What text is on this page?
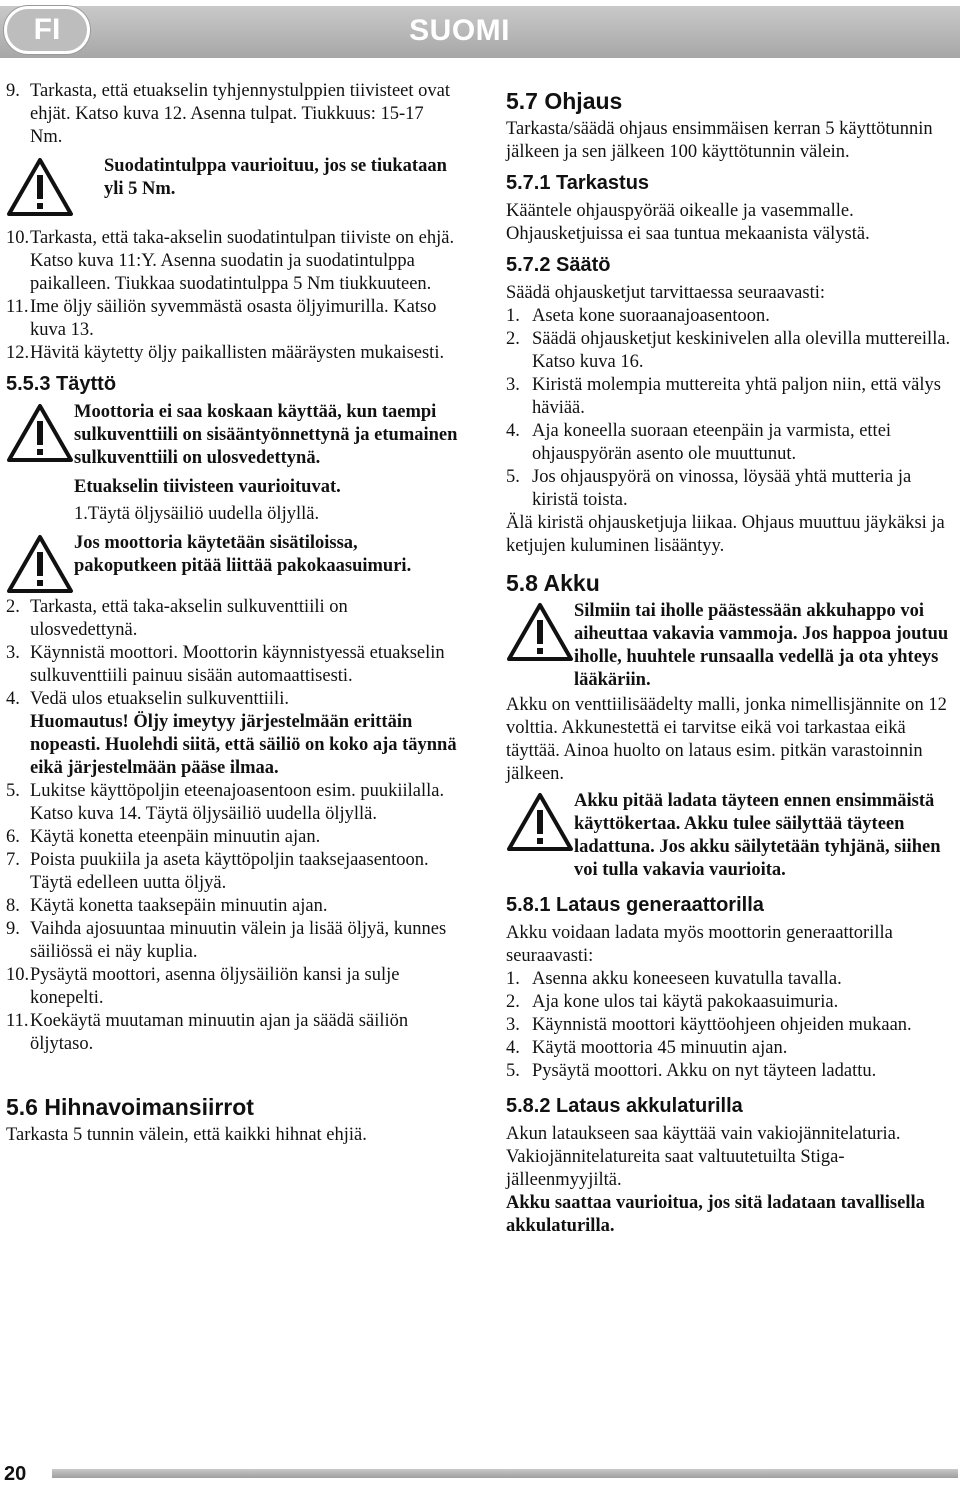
FI	SUOMI
9. Tarkasta, että etuakselin tyhjennystulppien tiivisteet ovat ehjät. Katso kuva 12. Asenna tulpat. Tiukkuus: 15-17 Nm.

Suodatintulppa vaurioituu, jos se tiukataan yli 5 Nm.

10. Tarkasta, että taka-akselin suodatintulpan tiiviste on ehjä. Katso kuva 11:Y. Asenna suodatin ja suodatintulppa paikalleen. Tiukkaa suodatintulppa 5 Nm tiukkuuteen.
11. Ime öljy säiliön syvemmästä osasta öljyimurilla. Katso kuva 13.
12. Hävitä käytetty öljy paikallisten määräysten mukaisesti.
5.5.3 Täyttö

Moottoria ei saa koskaan käyttää, kun taempi sulkuventtiili on sisääntyönnettynä ja etumainen sulkuventtiili on ulosvedettynä.

Etuakselin tiivisteen vaurioituvat.

1.Täytä öljysäiliö uudella öljyllä.

Jos moottoria käytetään sisätiloissa, pakoputkeen pitää liittää pakokaasuimuri.

2. Tarkasta, että taka-akselin sulkuventtiili on ulosvedettynä.
3. Käynnistä moottori. Moottorin käynnistyessä etuakselin sulkuventtiili painuu sisään automaattisesti.
4. Vedä ulos etuakselin sulkuventtiili.

Huomautus! Öljy imeytyy järjestelmään erittäin nopeasti. Huolehdi siitä, että säiliö on koko aja täynnä eikä järjestelmään pääse ilmaa.

5. Lukitse käyttöpoljin eteenajoasentoon esim. puukiilalla. Katso kuva 14. Täytä öljysäiliö uudella öljyllä.
6. Käytä konetta eteenpäin minuutin ajan.
7. Poista puukiila ja aseta käyttöpoljin taaksejaasentoon. Täytä edelleen uutta öljyä.
8. Käytä konetta taaksepäin minuutin ajan.
9. Vaihda ajosuuntaa minuutin välein ja lisää öljyä, kunnes säiliössä ei näy kuplia.
10. Pysäytä moottori, asenna öljysäiliön kansi ja sulje konepelti.
11. Koekäytä muutaman minuutin ajan ja säädä säiliön öljytaso.
5.6 Hihnavoimansiirrot

Tarkasta 5 tunnin välein, että kaikki hihnat ehjiä.

5.7 Ohjaus

Tarkasta/säädä ohjaus ensimmäisen kerran 5 käyttötunnin jälkeen ja sen jälkeen 100 käyttötunnin välein.

5.7.1 Tarkastus

Kääntele ohjauspyörää oikealle ja vasemmalle. Ohjausketjuissa ei saa tuntua mekaanista välystä.

5.7.2 Säätö

Säädä ohjausketjut tarvittaessa seuraavasti:

1. Aseta kone suoraanajoasentoon.
2. Säädä ohjausketjut keskinivelen alla olevilla muttereilla. Katso kuva 16.
3. Kiristä molempia muttereita yhtä paljon niin, että välys häviää.
4. Aja koneella suoraan eteenpäin ja varmista, ettei ohjauspyörän asento ole muuttunut.
5. Jos ohjauspyörä on vinossa, löysää yhtä mutteria ja kiristä toista.

Älä kiristä ohjausketjuja liikaa. Ohjaus muuttuu jäykäksi ja ketjujen kuluminen lisääntyy.

5.8 Akku

Silmiin tai iholle päästessään akkuhappo voi aiheuttaa vakavia vammoja. Jos happoa joutuu iholle, huuhtele runsaalla vedellä ja ota yhteys lääkäriin.

Akku on venttiilisäädelty malli, jonka nimellisjännite on 12 volttia. Akkunestettä ei tarvitse eikä voi tarkastaa eikä täyttää. Ainoa huolto on lataus esim. pitkän varastoinnin jälkeen.

Akku pitää ladata täyteen ennen ensimmäistä käyttökertaa. Akku tulee säilyttää täyteen ladattuna. Jos akku säilytetään tyhjänä, siihen voi tulla vakavia vaurioita.

5.8.1 Lataus generaattorilla

Akku voidaan ladata myös moottorin generaattorilla seuraavasti:

1. Asenna akku koneeseen kuvatulla tavalla.
2. Aja kone ulos tai käytä pakokaasuimuria.
3. Käynnistä moottori käyttöohjeen ohjeiden mukaan.
4. Käytä moottoria 45 minuutin ajan.
5. Pysäytä moottori. Akku on nyt täyteen ladattu.
5.8.2 Lataus akkulaturilla

Akun lataukseen saa käyttää vain vakiojännitelaturia.

Vakiojännitelatureita saat valtuutetuilta Stiga-jälleenmyyjiltä.

Akku saattaa vaurioitua, jos sitä ladataan tavallisella akkulaturilla.

20
